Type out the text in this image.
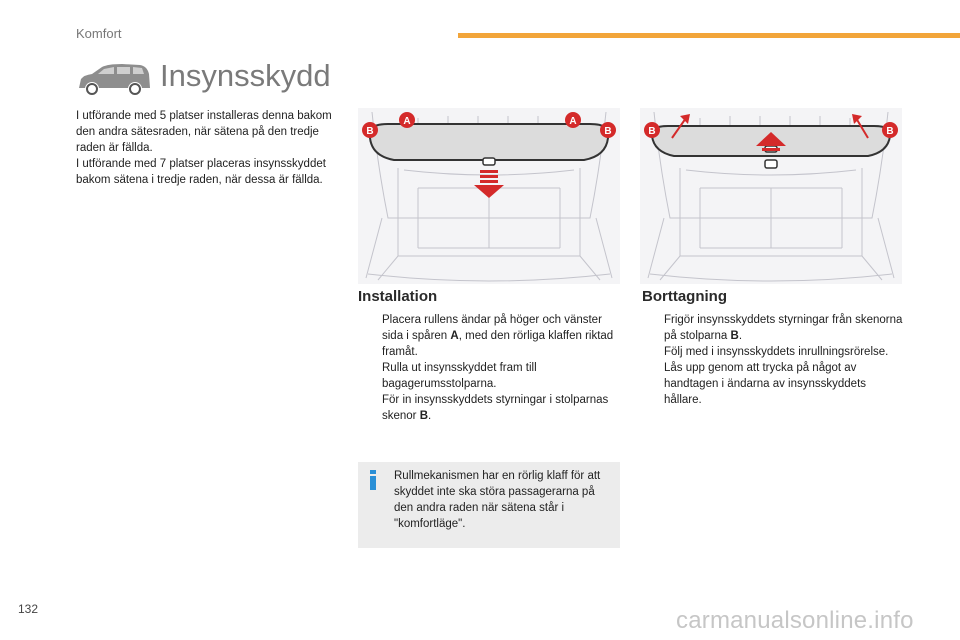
Komfort
Insynsskydd

I utförande med 5 platser installeras denna bakom den andra sätesraden, när sätena på den tredje raden är fällda.

I utförande med 7 platser placeras insynsskyddet bakom sätena i tredje raden, när dessa är fällda.

B
A	A
B	B	B
Installation
Placera rullens ändar på höger och vänster sida i spåren A, med den rörliga klaffen riktad framåt.
Rulla ut insynsskyddet fram till bagagerumsstolparna.
För in insynsskyddets styrningar i stolparnas skenor B.
Borttagning
Frigör insynsskyddets styrningar från skenorna på stolparna B.
Följ med i insynsskyddets inrullningsrörelse.
Lås upp genom att trycka på något av handtagen i ändarna av insynsskyddets hållare.
Rullmekanismen har en rörlig klaff för att skyddet inte ska störa passagerarna på den andra raden när sätena står i "komfortläge".
132	carmanualsonline.info
